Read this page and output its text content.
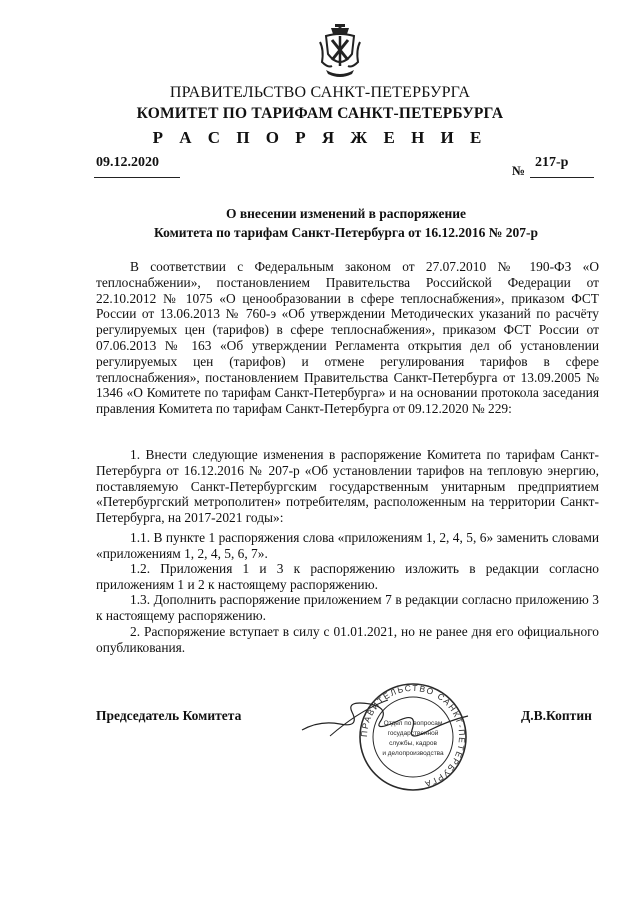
ПРАВИТЕЛЬСТВО САНКТ-ПЕТЕРБУРГА
КОМИТЕТ ПО ТАРИФАМ САНКТ-ПЕТЕРБУРГА
Р А С П О Р Я Ж Е Н И Е
09.12.2020
№
217-р
О внесении изменений в распоряжение
Комитета по тарифам Санкт-Петербурга от 16.12.2016 № 207-р
В соответствии с Федеральным законом от 27.07.2010 № 190-ФЗ «О теплоснабжении», постановлением Правительства Российской Федерации от 22.10.2012 № 1075 «О ценообразовании в сфере теплоснабжения», приказом ФСТ России от 13.06.2013 № 760-э «Об утверждении Методических указаний по расчёту регулируемых цен (тарифов) в сфере теплоснабжения», приказом ФСТ России от 07.06.2013 № 163 «Об утверждении Регламента открытия дел об установлении регулируемых цен (тарифов) и отмене регулирования тарифов в сфере теплоснабжения», постановлением Правительства Санкт-Петербурга от 13.09.2005 № 1346 «О Комитете по тарифам Санкт-Петербурга» и на основании протокола заседания правления Комитета по тарифам Санкт-Петербурга от 09.12.2020 № 229:
1. Внести следующие изменения в распоряжение Комитета по тарифам Санкт-Петербурга от 16.12.2016 № 207-р «Об установлении тарифов на тепловую энергию, поставляемую Санкт-Петербургским государственным унитарным предприятием «Петербургский метрополитен» потребителям, расположенным на территории Санкт-Петербурга, на 2017-2021 годы»:
1.1. В пункте 1 распоряжения слова «приложениям 1, 2, 4, 5, 6» заменить словами «приложениям 1, 2, 4, 5, 6, 7».
1.2. Приложения 1 и 3 к распоряжению изложить в редакции согласно приложениям 1 и 2 к настоящему распоряжению.
1.3. Дополнить распоряжение приложением 7 в редакции согласно приложению 3 к настоящему распоряжению.
2. Распоряжение вступает в силу с 01.01.2021, но не ранее дня его официального опубликования.
Председатель Комитета	Д.В.Коптин
ПРАВИТЕЛЬСТВО САНКТ-ПЕТЕРБУРГА
Отдел по вопросам
государственной
службы, кадров
и делопроизводства
